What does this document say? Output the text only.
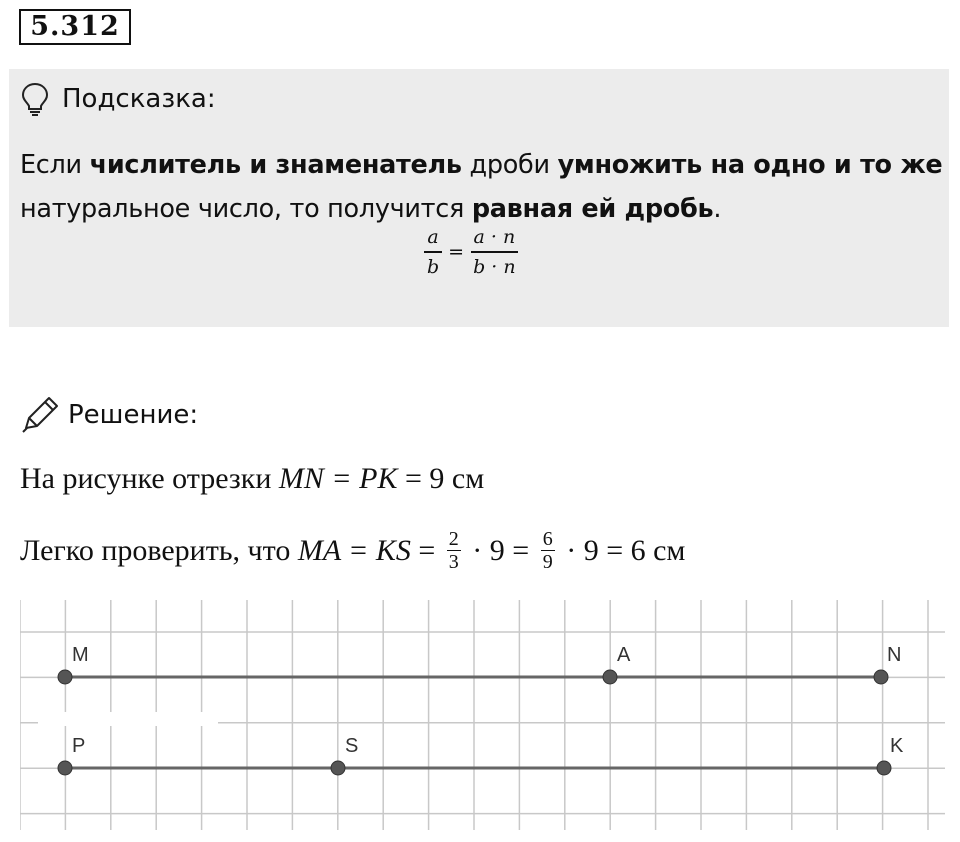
5.312
Подсказка:
Если числитель и знаменатель дроби умножить на одно и то же натуральное число, то получится равная ей дробь.
$\frac{a}{b} = \frac{a \cdot n}{b \cdot n}$
Решение:
На рисунке отрезки MN = PK = 9 см
Легко проверить, что MA = KS = $\frac{2}{3} \cdot 9 = \frac{6}{9} \cdot 9 = 6$ см
M	A	N
P	S	K
